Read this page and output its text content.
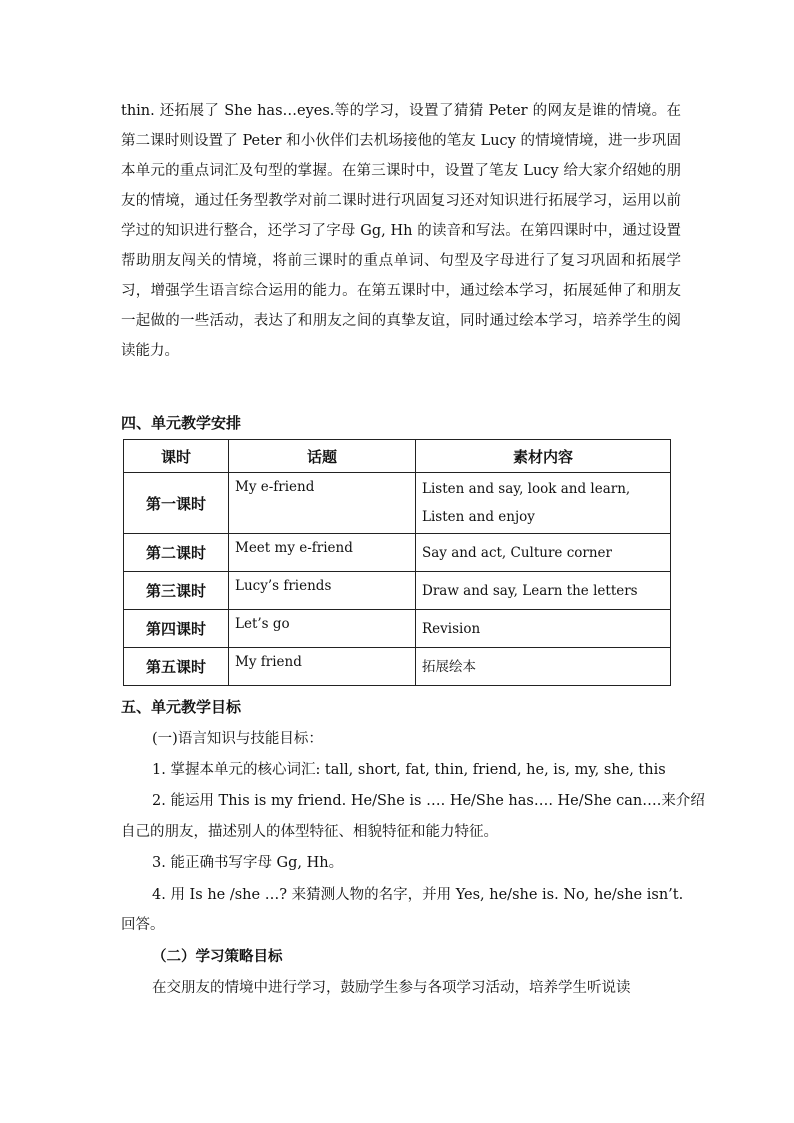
thin. 还拓展了 She has…eyes.等的学习，设置了猜猜 Peter 的网友是谁的情境。在第二课时则设置了 Peter 和小伙伴们去机场接他的笔友 Lucy 的情境情境，进一步巩固本单元的重点词汇及句型的掌握。在第三课时中，设置了笔友 Lucy 给大家介绍她的朋友的情境，通过任务型教学对前二课时进行巩固复习还对知识进行拓展学习，运用以前学过的知识进行整合，还学习了字母 Gg, Hh 的读音和写法。在第四课时中，通过设置帮助朋友闯关的情境，将前三课时的重点单词、句型及字母进行了复习巩固和拓展学习，增强学生语言综合运用的能力。在第五课时中，通过绘本学习，拓展延伸了和朋友一起做的一些活动，表达了和朋友之间的真挚友谊，同时通过绘本学习，培养学生的阅读能力。
四、单元教学安排
课时	话题	素材内容
第一课时	My e-friend	Listen and say, look and learn,
Listen and enjoy

第二课时	Meet my e-friend	Say and act, Culture corner
第三课时	Lucy’s friends	Draw and say, Learn the letters
第四课时	Let’s go	Revision
第五课时	My friend	拓展绘本
五、单元教学目标
(一)语言知识与技能目标：
1. 掌握本单元的核心词汇: tall, short, fat, thin, friend, he, is, my, she, this
2. 能运用 This is my friend. He/She is …. He/She has…. He/She can….来介绍
自己的朋友，描述别人的体型特征、相貌特征和能力特征。
3. 能正确书写字母 Gg, Hh。
4. 用 Is he /she …? 来猜测人物的名字，并用 Yes, he/she is. No, he/she isn’t.
回答。
（二）学习策略目标
在交朋友的情境中进行学习，鼓励学生参与各项学习活动，培养学生听说读
